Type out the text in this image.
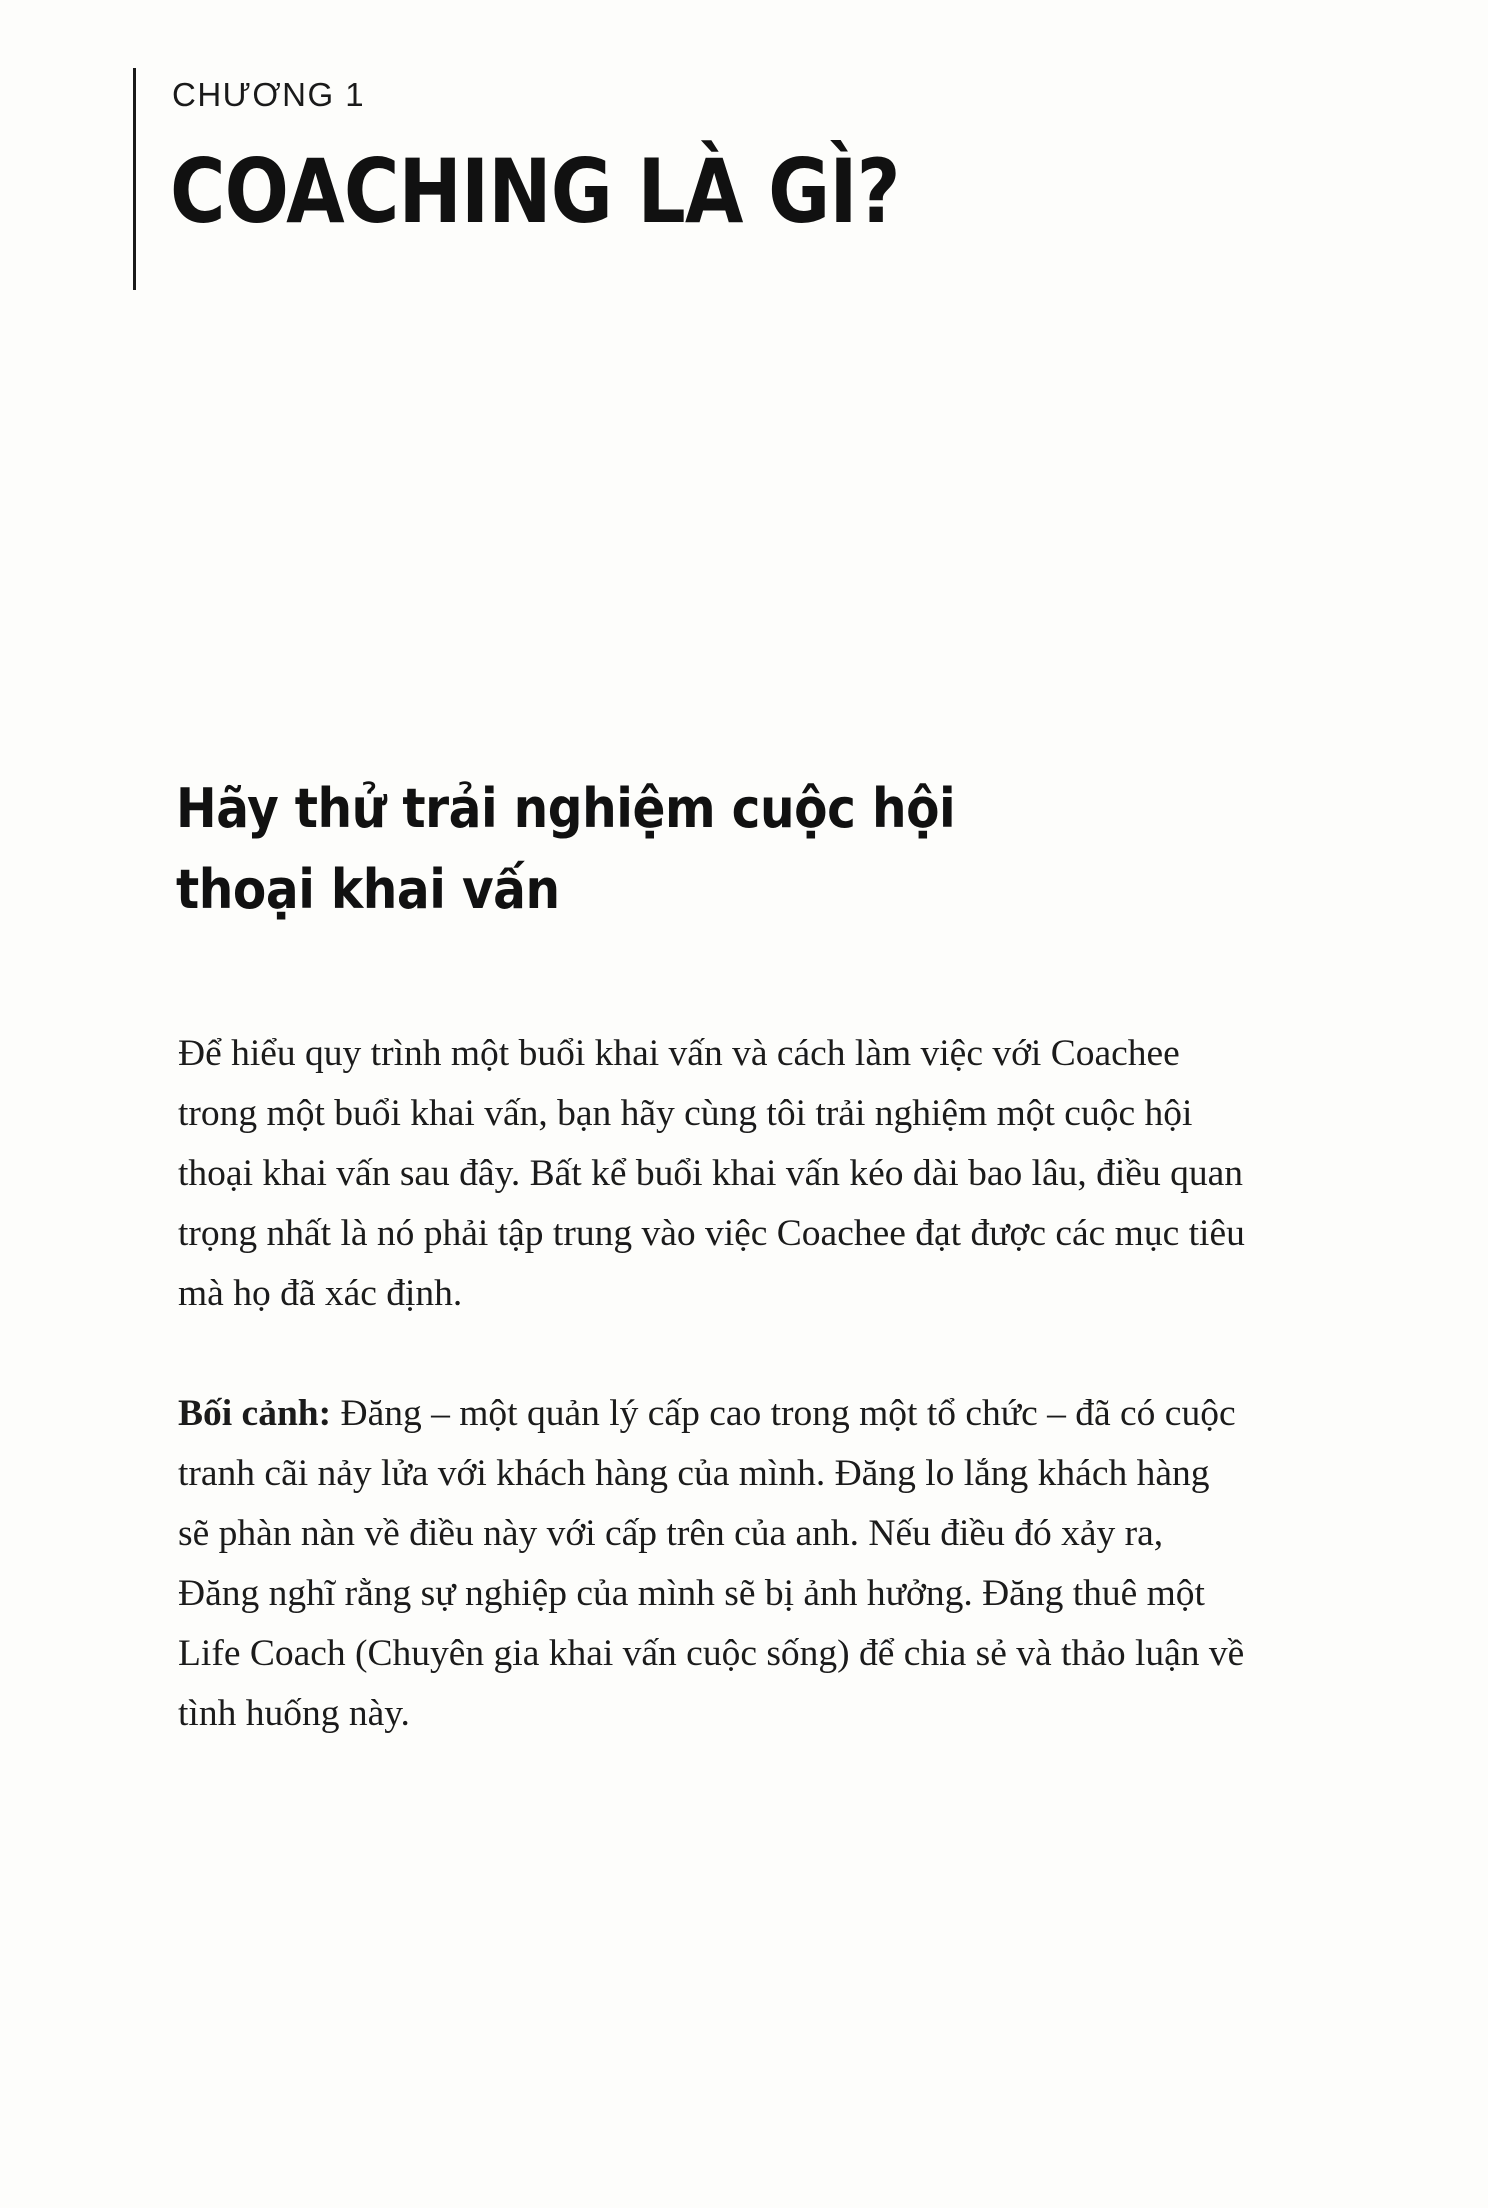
CHƯƠNG 1
COACHING LÀ GÌ?
Hãy thử trải nghiệm cuộc hội
thoại khai vấn
Để hiểu quy trình một buổi khai vấn và cách làm việc với Coachee
trong một buổi khai vấn, bạn hãy cùng tôi trải nghiệm một cuộc hội
thoại khai vấn sau đây. Bất kể buổi khai vấn kéo dài bao lâu, điều quan
trọng nhất là nó phải tập trung vào việc Coachee đạt được các mục tiêu
mà họ đã xác định.
Bối cảnh: Đăng – một quản lý cấp cao trong một tổ chức – đã có cuộc
tranh cãi nảy lửa với khách hàng của mình. Đăng lo lắng khách hàng
sẽ phàn nàn về điều này với cấp trên của anh. Nếu điều đó xảy ra,
Đăng nghĩ rằng sự nghiệp của mình sẽ bị ảnh hưởng. Đăng thuê một
Life Coach (Chuyên gia khai vấn cuộc sống) để chia sẻ và thảo luận về
tình huống này.
